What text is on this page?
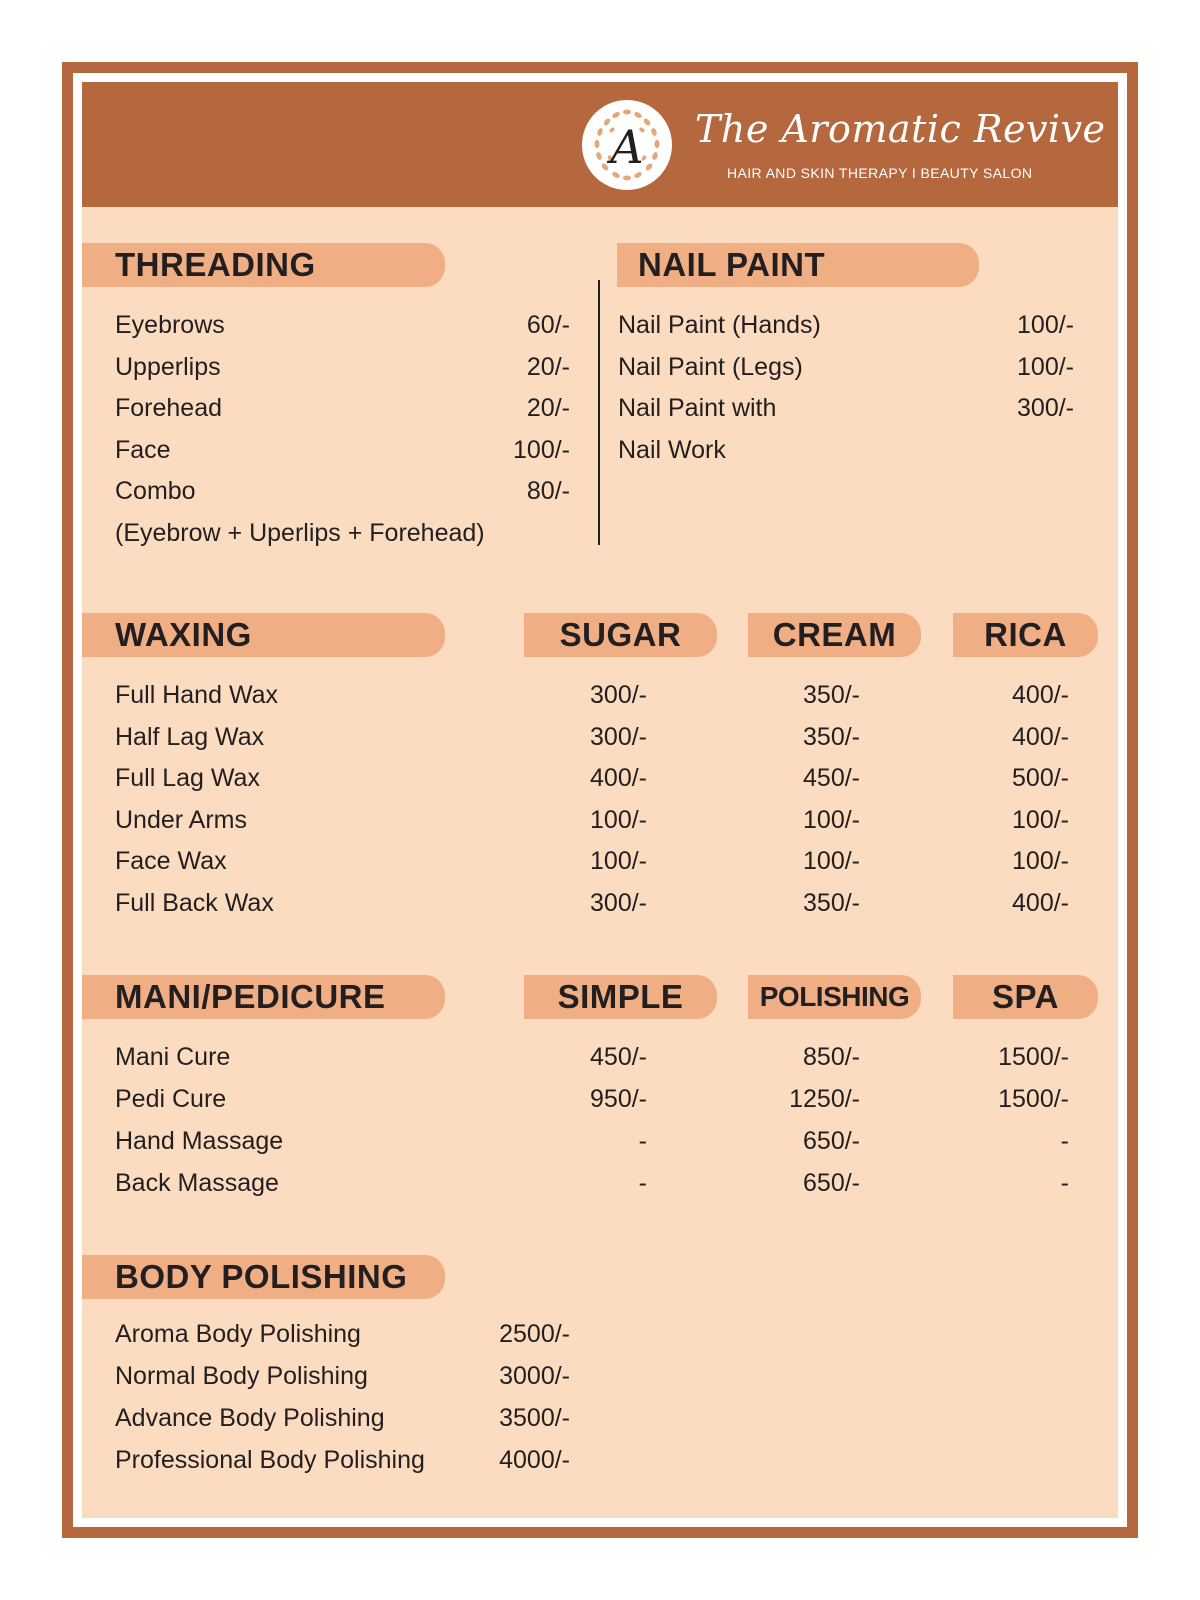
A The Aromatic Revive
HAIR AND SKIN THERAPY I BEAUTY SALON
THREADING
Eyebrows	60/-
Upperlips	20/-
Forehead	20/-
Face	100/-
Combo	80/-
(Eyebrow + Uperlips + Forehead)
NAIL PAINT
Nail Paint (Hands)	100/-
Nail Paint (Legs)	100/-
Nail Paint with	300/-
Nail Work
WAXING	SUGAR	CREAM	RICA
Full Hand Wax	300/-	350/-	400/-
Half Lag Wax	300/-	350/-	400/-
Full Lag Wax	400/-	450/-	500/-
Under Arms	100/-	100/-	100/-
Face Wax	100/-	100/-	100/-
Full Back Wax	300/-	350/-	400/-
MANI/PEDICURE	SIMPLE	POLISHING	SPA
Mani Cure	450/-	850/-	1500/-
Pedi Cure	950/-	1250/-	1500/-
Hand Massage	-	650/-	-
Back Massage	-	650/-	-
BODY POLISHING
Aroma Body Polishing	2500/-
Normal Body Polishing	3000/-
Advance Body Polishing	3500/-
Professional Body Polishing	4000/-
